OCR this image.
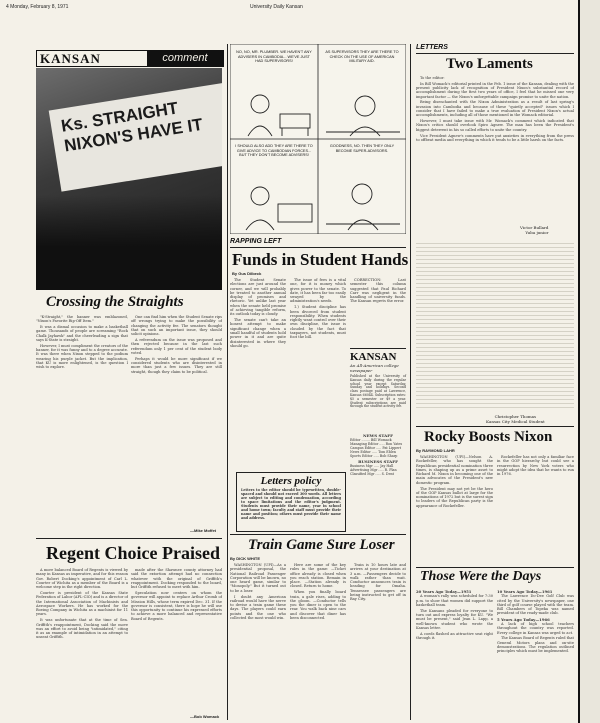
4 Monday, February 8, 1971	University Daily Kansan
KANSAN	comment
Ks. STRAIGHT NIXON'S HAVE IT
Crossing the Straights

"K-Straight," the banner was emblazoned, "Nixon's Favorite Rip-Off Item."

It was a dismal occasion to make a basketball game. Thousands of people are screaming "Rock Chalk Jayhawk" and the cheerleading a sign that says K-State is straight.

However, I must compliment the creators of the banner, for it was funny and to a degree accurate. It was there when Nixon stepped to the podium wearing his purple jacket. But the implication, that KU is more enlightened, is the question I wish to explore.

One can find him when the Student Senate rips off wrongs trying to make the possibility of changing the activity fee. The senators thought that on such an important issue, they should solicit opinions.

A referendum on the issue was proposed and then rejected because in the last such referendum only 1 per cent of the student body voted.

Perhaps it would be more significant if we considered students who are disinterested in more than just a few issues. They are still straight, though they claim to be political.

—Mike Moffet
Regent Choice Praised

A more balanced Board of Regents is viewed by many in Kansas as imperative, and for this reason Gov. Robert Docking's appointment of Carl L. Courter of Wichita as a member of the Board is a welcome step in the right direction.

Courter is president of the Kansas State Federation of Labor (AFL-CIO) and is a director of the International Association of Machinists and Aerospace Workers. He has worked for the Boeing Company in Wichita as a machinist for 11 years.

It was unfortunate that at the time of Sen. Griffith's reappointment, Docking said the move was an effort to avoid being "intimidated," citing it as an example of intimidation in an attempt to unseat Griffith.

made after the Shawnee county attorney had said the extortion attempt had no connection whatever with the original of Griffith's reappointment. Docking responded to the board, but Griffith refused to meet with him.

Speculation now centers on whom the governor will appoint to replace Arthur Cromb of Mission Hills, whose term expired Dec. 31. If the governor is consistent, there is hope he will use this opportunity to continue his expressed efforts to achieve a more balanced and representative Board of Regents.

—Bob Womack
NO, NO, MR. PLUMBER. WE HAVEN'T ANY ADVISERS IN CAMBODIA... WE'VE JUST HAD SUPERVISORS!
AS SUPERVISORS THEY ARE THERE TO CHECK ON THE USE OF AMERICAN MILITARY AID.
I SHOULD ALSO ADD THEY ARE THERE TO GIVE ADVICE TO CAMBODIAN FORCES... BUT THEY DON'T BECOME ADVISERS!
GOODNESS, NO. THEN THEY ONLY BECOME SUPER-ADVISORS.
RAPPING LEFT
Funds in Student Hands
By Gus Dilbeck

The Student Senate elections are just around the corner, and we will probably be treated to another annual display of promises and rhetoric. Yet unlike last year when the senate held promise of achieving tangible reform, its outlook today is cloudy.

The senate can't take an honest attempt to make significant change when a small handful of students hold power in it and are quite disinterested in where they should go.

The issue of fees is a vital one, for it is money which gives power to the senate. To date, it has been far too easily swayed by the administration's needs.

1.) Student discipline has been divorced from student responsibility. When students rightly want control over their own discipline, the issue is clouded by the fact that taxpayers, not students, must foot the bill.

CORRECTION: Last semester this column suggested that Paul Richard Carr was negligent in the handling of university funds. The Kansan regrets the error.

KANSAN
An All-American college newspaper
Published at the University of Kansas daily during the regular school year except Saturday, Sunday and holidays. Second class postage paid at Lawrence, Kansas 66044. Subscription rates: $5 a semester or $9 a year. Student subscriptions are paid through the student activity fee.
NEWS STAFF
Editor ........ Bill Womack
Managing Editor ..... Ron Yates
Campus Editor ..... Pat Lippert
News Editor ..... Tom Eblen
Sports Editor ..... Bob Sharp
BUSINESS STAFF
Business Mgr ..... Jay Hall
Advertising Mgr ..... R. Plan
Classified Mgr ..... S. Dent
Letters policy
Letters to the editor should be typewritten, double-spaced and should not exceed 300 words. All letters are subject to editing and condensation, according to space limitations and the editor's judgment. Students must provide their name, year in school and home town; faculty and staff must provide their name and position; others must provide their name and address.
Train Game Sure Loser
By DICK WHITE

WASHINGTON (UPI)—As a presidential proposal, the National Railroad Passenger Corporation will be known, no one heard game, similar to "Monopoly." But it turned out to be a loser.

I doubt any American railroad would have the nerve to devise a train game these days. The players could earn points and the one who collected the most would win.

Here are some of the key rules in the game: —Ticket office already is closed when you reach station. Remain in place. —Station already is closed. Return to home.

When you finally board train, a gale rises, adding to the gloom. —Conductor tells you the diner is open to the rear. You walk back nine cars and discover that diner has been disconnected.

Train is 10 hours late and arrives at your destination at 3 a.m. —Passengers decide to walk rather than wait. Conductor announces train is heading for Omaha. Tennessee passengers are being instructed to get off in Bay City.

LETTERS
Two Laments

To the editor:

In Bill Womack's editorial printed in the Feb. 1 issue of the Kansan, dealing with the present publicity lack of recognition of President Nixon's substantial record of accomplishment during the first two years of office, I feel that he missed one very important factor — the Nixon's unforgettable campaign promise to unite the nation.

Being disenchanted with the Nixon Administration as a result of last spring's invasion into Cambodia and because of these "quietly accepted" issues which I consider that I have failed to make a true evaluation of President Nixon's actual accomplishments, including all of those mentioned in the Womack editorial.

However, I must take issue with Mr. Womack's comment which indicated that Nixon's critics should overlook Spiro Agnew. The man has been the President's biggest deterrent in his so called efforts to unite the country.

Vice President Agnew's comments have put anxieties in everything from the press to offbeat media and everything in which it tends to be a little harsh on the facts.

Victor Bullard
Yuba junior
Christopher Thomas
Kansas City Medical Student
Rocky Boosts Nixon
By RAYMOND LAHR

WASHINGTON (UPI)—Nelson A. Rockefeller, who has sought the Republican presidential nomination three times, is shaping up as a prime asset to Richard M. Nixon in becoming one of the main advocates of the President's new domestic program.

The President may not yet be the hero of the GOP Kansas ballot at large for the nominations of 1972 but is the surest sign to leaders of the Republican party is the appearance of Rockefeller.

Rockefeller has not only a familiar face in the GOP hierarchy but could see a resurrection by New York voters who might adopt the idea that he wants to run in 1976.

Those Were the Days
20 Years Ago Today—1951

A woman's rally was scheduled for 7:30 p.m. to show that women did support the basketball team.

The Kansans pleaded for everyone to turn out and express loyalty for KU. "We must be present," said Jean L. Lapp, a well-known student who wrote the Kansas letter.

A coeds flashed an attractive seat right through it.

10 Years Ago Today—1961

The Lawrence Do-Dee Golf Club was cited by the University's newspaper, one third of golf course played with the team. Bill Chambers of Topeka was named president of the ready-made club.

5 Years Ago Today—1966

A lack of high school teachers throughout the country was reported. Every college in Kansas was urged to act.

The Kansas Board of Regents ruled that General Motors plans and on-site demonstrations. The regulation outlined principles which must be implemented.
